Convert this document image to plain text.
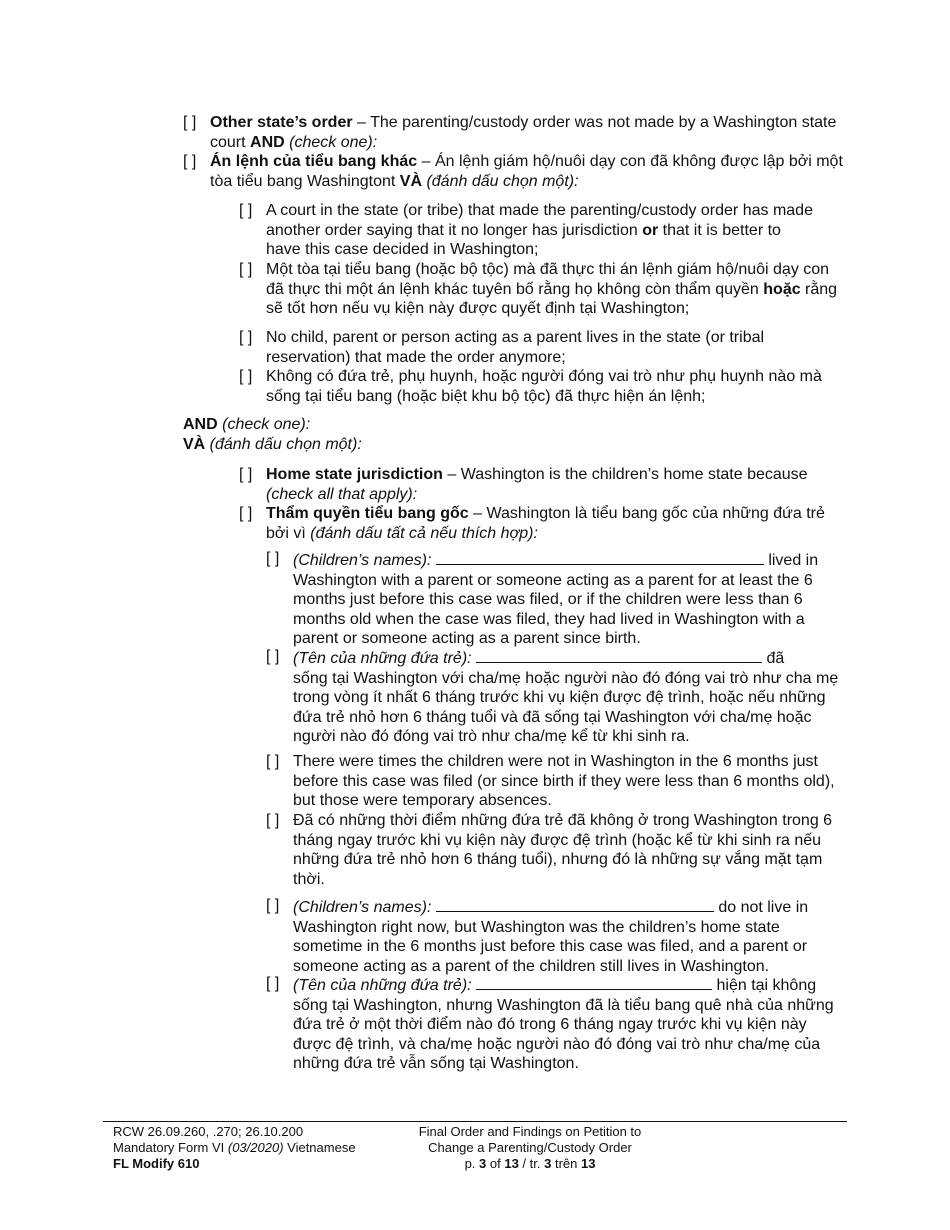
[ ] Other state’s order – The parenting/custody order was not made by a Washington state court AND (check one):
[ ] Án lệnh của tiểu bang khác – Án lệnh giám hộ/nuôi dạy con đã không được lập bởi một tòa tiểu bang Washingtont VÀ (đánh dấu chọn một):
[ ] A court in the state (or tribe) that made the parenting/custody order has made another order saying that it no longer has jurisdiction or that it is better to have this case decided in Washington;
[ ] Một tòa tại tiểu bang (hoặc bộ tộc) mà đã thực thi án lệnh giám hộ/nuôi dạy con đã thực thi một án lệnh khác tuyên bố rằng họ không còn thẩm quyền hoặc rằng sẽ tốt hơn nếu vụ kiện này được quyết định tại Washington;
[ ] No child, parent or person acting as a parent lives in the state (or tribal reservation) that made the order anymore;
[ ] Không có đứa trẻ, phụ huynh, hoặc người đóng vai trò như phụ huynh nào mà sống tại tiểu bang (hoặc biệt khu bộ tộc) đã thực hiện án lệnh;
AND (check one):
VÀ (đánh dấu chọn một):
[ ] Home state jurisdiction – Washington is the children’s home state because (check all that apply):
[ ] Thẩm quyền tiểu bang gốc – Washington là tiểu bang gốc của những đứa trẻ bởi vì (đánh dấu tất cả nếu thích hợp):
[ ] (Children’s names):	lived in
Washington with a parent or someone acting as a parent for at least the 6 months just before this case was filed, or if the children were less than 6 months old when the case was filed, they had lived in Washington with a parent or someone acting as a parent since birth.
[ ] (Tên của những đứa trẻ):	đã
sống tại Washington với cha/mẹ hoặc người nào đó đóng vai trò như cha mẹ trong vòng ít nhất 6 tháng trước khi vụ kiện được đệ trình, hoặc nếu những đứa trẻ nhỏ hơn 6 tháng tuổi và đã sống tại Washington với cha/mẹ hoặc người nào đó đóng vai trò như cha/mẹ kể từ khi sinh ra.
[ ] There were times the children were not in Washington in the 6 months just before this case was filed (or since birth if they were less than 6 months old), but those were temporary absences.
[ ] Đã có những thời điểm những đứa trẻ đã không ở trong Washington trong 6 tháng ngay trước khi vụ kiện này được đệ trình (hoặc kể từ khi sinh ra nếu những đứa trẻ nhỏ hơn 6 tháng tuổi), nhưng đó là những sự vắng mặt tạm thời.
[ ] (Children’s names):	do not live in
Washington right now, but Washington was the children’s home state sometime in the 6 months just before this case was filed, and a parent or someone acting as a parent of the children still lives in Washington.
[ ] (Tên của những đứa trẻ):	hiện tại không
sống tại Washington, nhưng Washington đã là tiểu bang quê nhà của những đứa trẻ ở một thời điểm nào đó trong 6 tháng ngay trước khi vụ kiện này được đệ trình, và cha/mẹ hoặc người nào đó đóng vai trò như cha/mẹ của những đứa trẻ vẫn sống tại Washington.
RCW 26.09.260, .270; 26.10.200
Mandatory Form VI (03/2020) Vietnamese
FL Modify 610
Final Order and Findings on Petition to
Change a Parenting/Custody Order
p. 3 of 13 / tr. 3 trên 13
